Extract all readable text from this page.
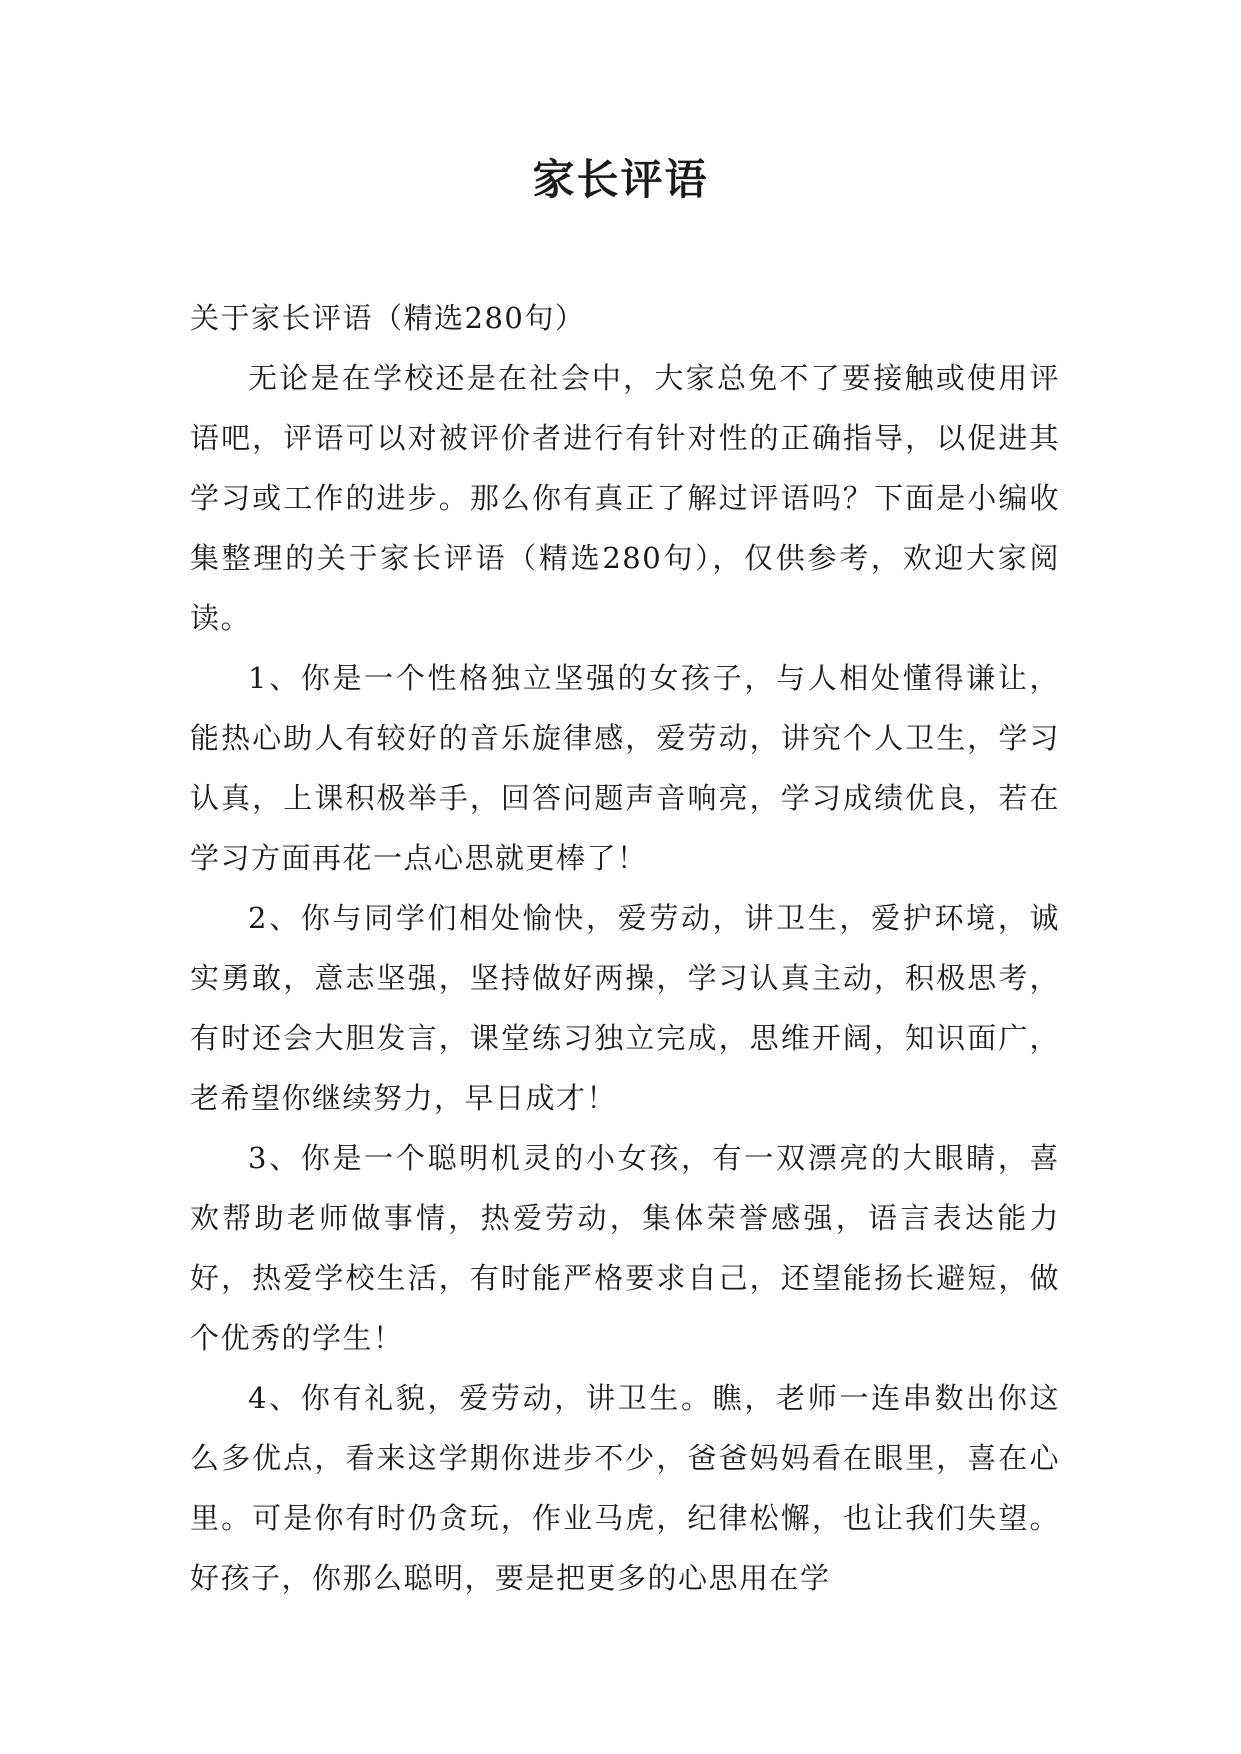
家长评语

关于家长评语（精选280句）

无论是在学校还是在社会中，大家总免不了要接触或使用评语吧，评语可以对被评价者进行有针对性的正确指导，以促进其学习或工作的进步。那么你有真正了解过评语吗？下面是小编收集整理的关于家长评语（精选280句），仅供参考，欢迎大家阅读。

1、你是一个性格独立坚强的女孩子，与人相处懂得谦让，能热心助人有较好的音乐旋律感，爱劳动，讲究个人卫生，学习认真，上课积极举手，回答问题声音响亮，学习成绩优良，若在学习方面再花一点心思就更棒了！

2、你与同学们相处愉快，爱劳动，讲卫生，爱护环境，诚实勇敢，意志坚强，坚持做好两操，学习认真主动，积极思考，有时还会大胆发言，课堂练习独立完成，思维开阔，知识面广，老希望你继续努力，早日成才！

3、你是一个聪明机灵的小女孩，有一双漂亮的大眼睛，喜欢帮助老师做事情，热爱劳动，集体荣誉感强，语言表达能力好，热爱学校生活，有时能严格要求自己，还望能扬长避短，做个优秀的学生！

4、你有礼貌，爱劳动，讲卫生。瞧，老师一连串数出你这么多优点，看来这学期你进步不少，爸爸妈妈看在眼里，喜在心里。可是你有时仍贪玩，作业马虎，纪律松懈，也让我们失望。好孩子，你那么聪明，要是把更多的心思用在学
